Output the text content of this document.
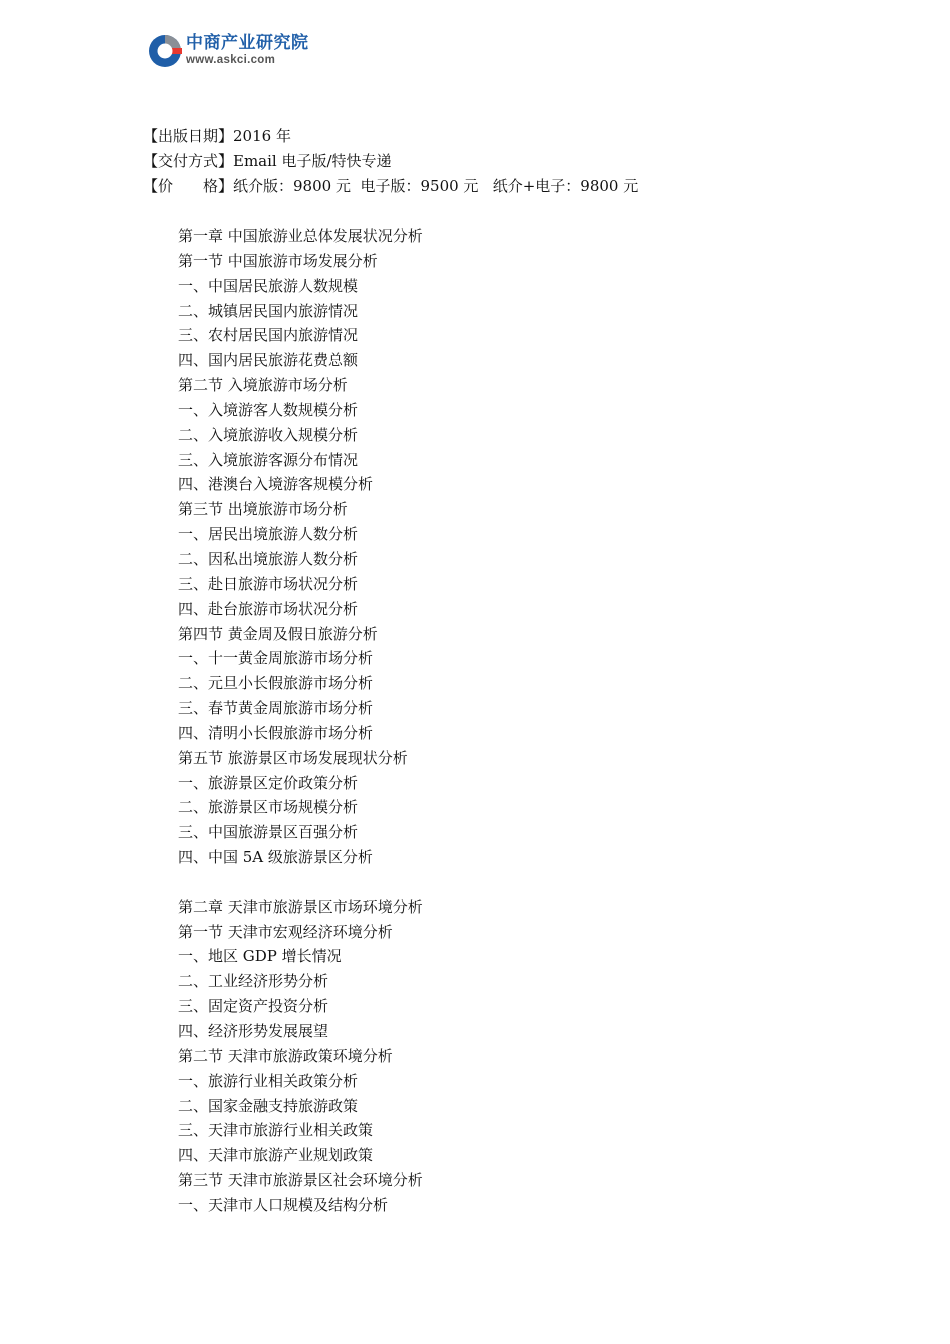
中商产业研究院
www.askci.com
【出版日期】2016 年
【交付方式】Email 电子版/特快专递
【价　　格】纸介版：9800 元  电子版：9500 元   纸介+电子：9800 元
第一章 中国旅游业总体发展状况分析
第一节 中国旅游市场发展分析
一、中国居民旅游人数规模
二、城镇居民国内旅游情况
三、农村居民国内旅游情况
四、国内居民旅游花费总额
第二节 入境旅游市场分析
一、入境游客人数规模分析
二、入境旅游收入规模分析
三、入境旅游客源分布情况
四、港澳台入境游客规模分析
第三节 出境旅游市场分析
一、居民出境旅游人数分析
二、因私出境旅游人数分析
三、赴日旅游市场状况分析
四、赴台旅游市场状况分析
第四节 黄金周及假日旅游分析
一、十一黄金周旅游市场分析
二、元旦小长假旅游市场分析
三、春节黄金周旅游市场分析
四、清明小长假旅游市场分析
第五节 旅游景区市场发展现状分析
一、旅游景区定价政策分析
二、旅游景区市场规模分析
三、中国旅游景区百强分析
四、中国 5A 级旅游景区分析
第二章 天津市旅游景区市场环境分析
第一节 天津市宏观经济环境分析
一、地区 GDP 增长情况
二、工业经济形势分析
三、固定资产投资分析
四、经济形势发展展望
第二节 天津市旅游政策环境分析
一、旅游行业相关政策分析
二、国家金融支持旅游政策
三、天津市旅游行业相关政策
四、天津市旅游产业规划政策
第三节 天津市旅游景区社会环境分析
一、天津市人口规模及结构分析
